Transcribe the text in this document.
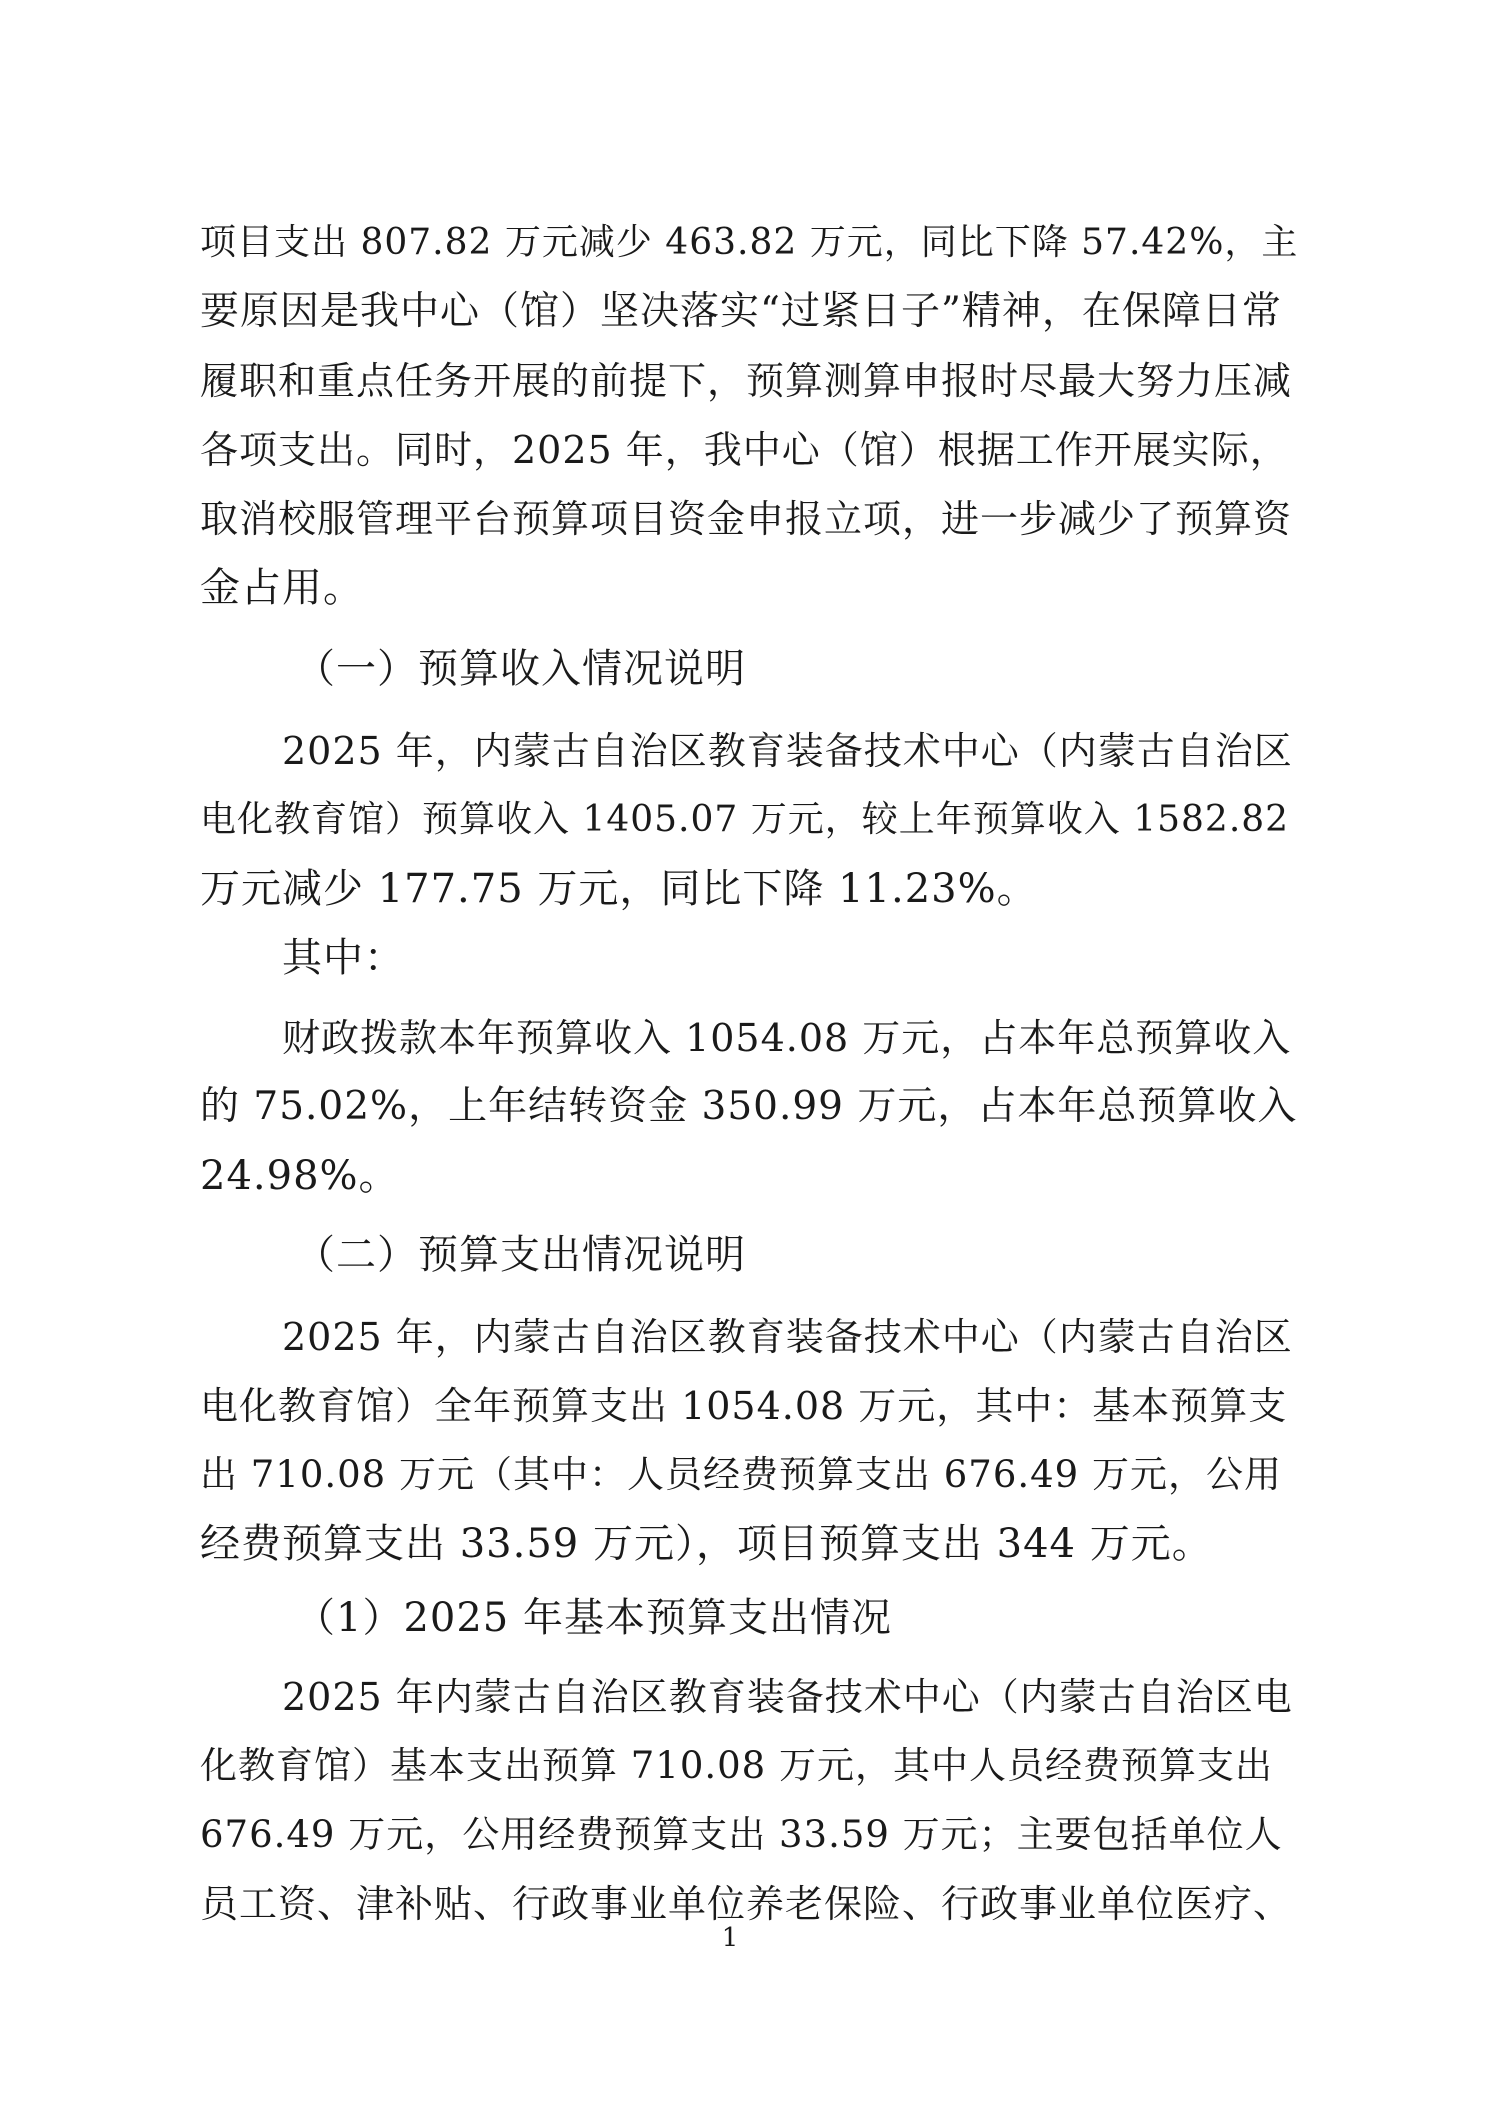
项目支出 807.82 万元减少 463.82 万元，同比下降 57.42%，主
要原因是我中心（馆）坚决落实“过紧日子”精神，在保障日常
履职和重点任务开展的前提下，预算测算申报时尽最大努力压减
各项支出。同时，2025 年，我中心（馆）根据工作开展实际，
取消校服管理平台预算项目资金申报立项，进一步减少了预算资
金占用。
（一）预算收入情况说明
2025 年，内蒙古自治区教育装备技术中心（内蒙古自治区
电化教育馆）预算收入 1405.07 万元，较上年预算收入 1582.82
万元减少 177.75 万元，同比下降 11.23%。
其中：
财政拨款本年预算收入 1054.08 万元，占本年总预算收入
的 75.02%，上年结转资金 350.99 万元，占本年总预算收入
24.98%。
（二）预算支出情况说明
2025 年，内蒙古自治区教育装备技术中心（内蒙古自治区
电化教育馆）全年预算支出 1054.08 万元，其中：基本预算支
出 710.08 万元（其中：人员经费预算支出 676.49 万元，公用
经费预算支出 33.59 万元），项目预算支出 344 万元。
（1）2025 年基本预算支出情况
2025 年内蒙古自治区教育装备技术中心（内蒙古自治区电
化教育馆）基本支出预算 710.08 万元，其中人员经费预算支出
676.49 万元，公用经费预算支出 33.59 万元；主要包括单位人
员工资、津补贴、行政事业单位养老保险、行政事业单位医疗、
1
